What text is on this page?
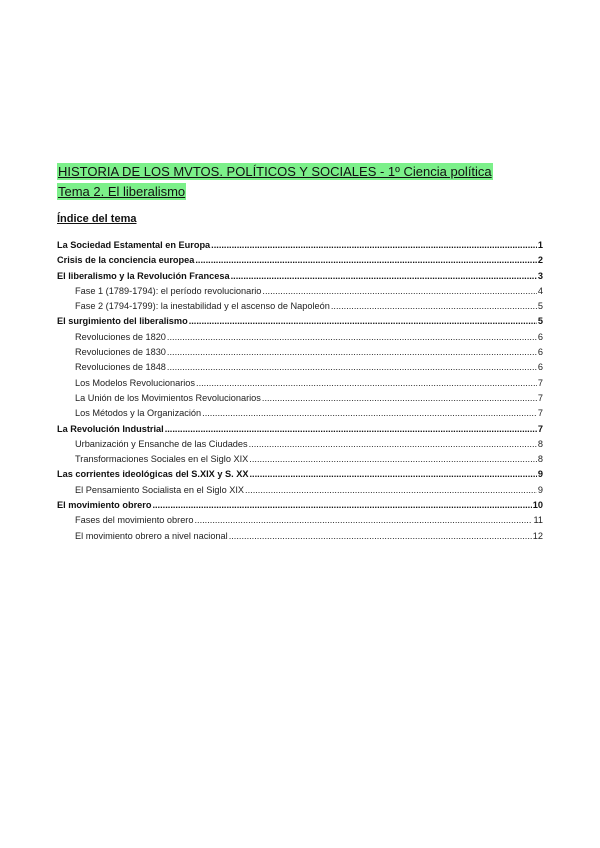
HISTORIA DE LOS MVTOS. POLÍTICOS Y SOCIALES - 1º Ciencia política
Tema 2. El liberalismo
Índice del tema
La Sociedad Estamental en Europa .....	1
Crisis de la conciencia europea .....	2
El liberalismo y la Revolución Francesa .....	3
Fase 1 (1789-1794): el período revolucionario .....	4
Fase 2 (1794-1799): la inestabilidad y el ascenso de Napoleón .....	5
El surgimiento del liberalismo .....	5
Revoluciones de 1820 .....	6
Revoluciones de 1830 .....	6
Revoluciones de 1848 .....	6
Los Modelos Revolucionarios .....	7
La Unión de los Movimientos Revolucionarios .....	7
Los Métodos y la Organización .....	7
La Revolución Industrial .....	7
Urbanización y Ensanche de las Ciudades .....	8
Transformaciones Sociales en el Siglo XIX .....	8
Las corrientes ideológicas del S.XIX y S. XX .....	9
El Pensamiento Socialista en el Siglo XIX .....	9
El movimiento obrero .....	10
Fases del movimiento obrero .....	11
El movimiento obrero a nivel nacional .....	12
